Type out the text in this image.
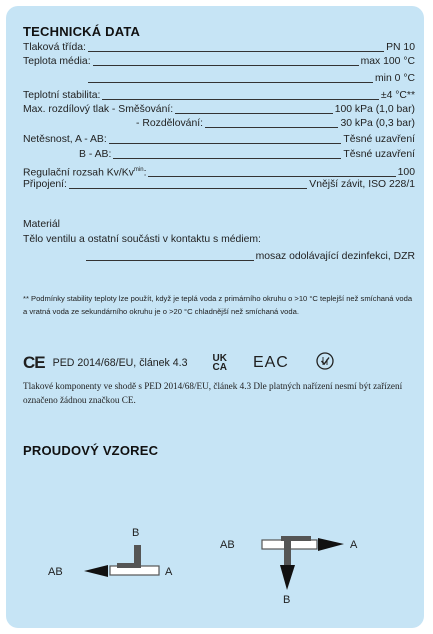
TECHNICKÁ DATA
Tlaková třída:	PN 10
Teplota média:	max 100 °C
min 0 °C
Teplotní stabilita:	±4 °C**
Max. rozdílový tlak - Směšování:	100 kPa (1,0 bar)
- Rozdělování:	30 kPa (0,3 bar)
Netěsnost, A - AB:	Těsné uzavření
B - AB:	Těsné uzavření
Regulační rozsah $Kv/Kv^{min}$:	100
Připojení:	Vnější závit, ISO 228/1
Materiál
Tělo ventilu a ostatní součásti v kontaktu s médiem:
mosaz odolávající dezinfekci, DZR
** Podmínky stability teploty lze použít, když je teplá voda z primárního okruhu o >10 °C teplejší než smíchaná voda a vratná voda ze sekundárního okruhu je o >20 °C chladnější než smíchaná voda.
CE PED 2014/68/EU, článek 4.3	UK
CA EAC
Tlakové komponenty ve shodě s PED 2014/68/EU, článek 4.3 Dle platných nařízení nesmí být zařízení označeno žádnou značkou CE.
PROUDOVÝ VZOREC
B
AB	A
AB	A
B
